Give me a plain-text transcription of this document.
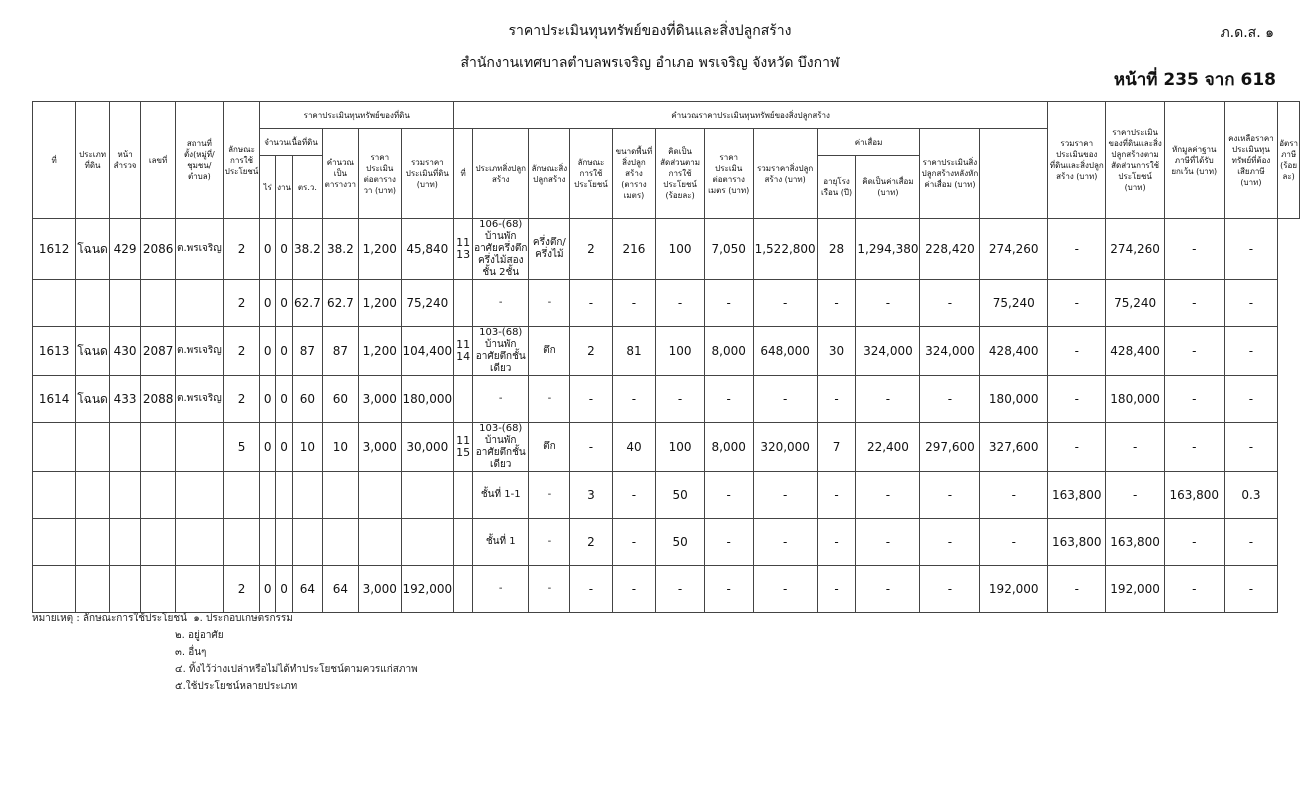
ราคาประเมินทุนทรัพย์ของที่ดินและสิ่งปลูกสร้าง
สำนักงานเทศบาลตำบลพรเจริญ อำเภอ พรเจริญ จังหวัด บึงกาฬ
ภ.ด.ส. ๑
หน้าที่ 235 จาก 618
ที่	ประเภทที่ดิน	หน้าสำรวจ	เลขที่	สถานที่ตั้ง(หมู่ที่/ชุมชน/ตำบล)	ลักษณะการใช้ประโยชน์	ราคาประเมินทุนทรัพย์ของที่ดิน						คำนวณราคาประเมินทุนทรัพย์ของสิ่งปลูกสร้าง												รวมราคาประเมินของที่ดินและสิ่งปลูกสร้าง (บาท)	ราคาประเมินของที่ดินและสิ่งปลูกสร้างตามสัดส่วนการใช้ประโยชน์ (บาท)	หักมูลค่าฐานภาษีที่ได้รับยกเว้น (บาท)	คงเหลือราคาประเมินทุนทรัพย์ที่ต้องเสียภาษี (บาท)	อัตราภาษี (ร้อยละ)
						จำนวนเนื้อที่ดิน			คำนวณเป็นตารางวา	ราคาประเมินต่อตารางวา (บาท)	รวมราคาประเมินที่ดิน (บาท)	ที่	ประเภทสิ่งปลูกสร้าง	ลักษณะสิ่งปลูกสร้าง	ลักษณะการใช้ประโยชน์	ขนาดพื้นที่สิ่งปลูกสร้าง (ตารางเมตร)	คิดเป็นสัดส่วนตามการใช้ประโยชน์ (ร้อยละ)	ราคาประเมินต่อตารางเมตร (บาท)	รวมราคาสิ่งปลูกสร้าง (บาท)	ค่าเสื่อม		ราคาประเมินสิ่งปลูกสร้างหลังหักค่าเสื่อม (บาท)						
						ไร่	งาน	ตร.ว.												อายุโรงเรือน (ปี)	คิดเป็นค่าเสื่อม (บาท)							
1612	โฉนด	429	2086	ต.พรเจริญ	2	0	0	38.2	38.2	1,200	45,840	11 13	106-(68) บ้านพักอาศัยครึ่งตึกครึ่งไม้สองชั้น 2ชั้น	ครึ่งตึก/ครึ่งไม้	2	216	100	7,050	1,522,800	28	1,294,380	228,420	274,260	-	274,260	-	-	
					2	0	0	62.7	62.7	1,200	75,240		-	-	-	-	-	-	-	-	-	-	75,240	-	75,240	-	-	
1613	โฉนด	430	2087	ต.พรเจริญ	2	0	0	87	87	1,200	104,400	11 14	103-(68) บ้านพักอาศัยตึกชั้นเดียว	ตึก	2	81	100	8,000	648,000	30	324,000	324,000	428,400	-	428,400	-	-	
1614	โฉนด	433	2088	ต.พรเจริญ	2	0	0	60	60	3,000	180,000		-	-	-	-	-	-	-	-	-	-	180,000	-	180,000	-	-	
					5	0	0	10	10	3,000	30,000	11 15	103-(68) บ้านพักอาศัยตึกชั้นเดียว	ตึก	-	40	100	8,000	320,000	7	22,400	297,600	327,600	-	-	-	-	
													ชั้นที่ 1-1	-	3	-	50	-	-	-	-	-	-	163,800	-	163,800	0.3	
													ชั้นที่ 1	-	2	-	50	-	-	-	-	-	-	163,800	163,800	-	-	
					2	0	0	64	64	3,000	192,000		-	-	-	-	-	-	-	-	-	-	192,000	-	192,000	-	-	
หมายเหตุ : ลักษณะการใช้ประโยชน์ ๑. ประกอบเกษตรกรรม
๒. อยู่อาศัย
๓. อื่นๆ
๔. ทิ้งไว้ว่างเปล่าหรือไม่ได้ทำประโยชน์ตามควรแก่สภาพ
๕.ใช้ประโยชน์หลายประเภท
